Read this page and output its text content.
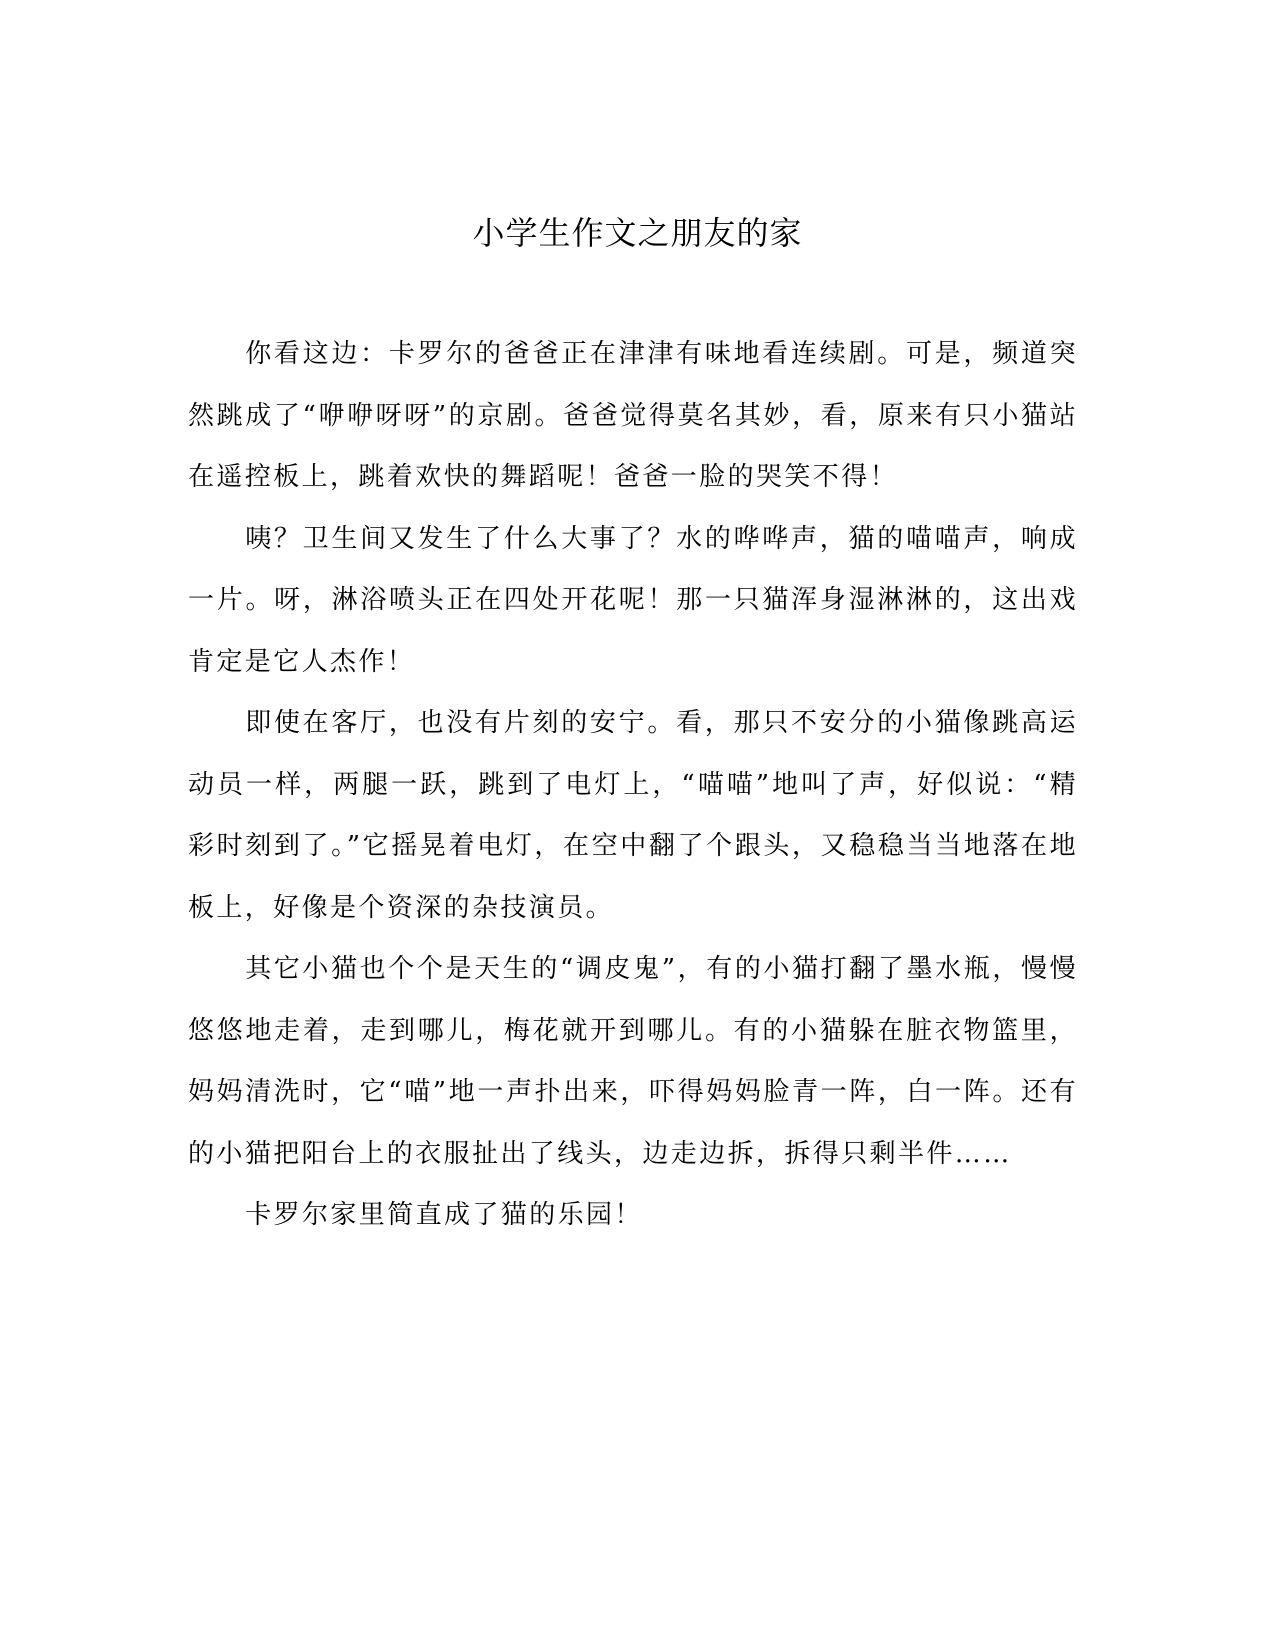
小学生作文之朋友的家

你看这边：卡罗尔的爸爸正在津津有味地看连续剧。可是，频道突然跳成了“咿咿呀呀”的京剧。爸爸觉得莫名其妙，看，原来有只小猫站在遥控板上，跳着欢快的舞蹈呢！爸爸一脸的哭笑不得！

咦？卫生间又发生了什么大事了？水的哗哗声，猫的喵喵声，响成一片。呀，淋浴喷头正在四处开花呢！那一只猫浑身湿淋淋的，这出戏肯定是它人杰作！

即使在客厅，也没有片刻的安宁。看，那只不安分的小猫像跳高运动员一样，两腿一跃，跳到了电灯上，“喵喵”地叫了声，好似说：“精彩时刻到了。”它摇晃着电灯，在空中翻了个跟头，又稳稳当当地落在地板上，好像是个资深的杂技演员。

其它小猫也个个是天生的“调皮鬼”，有的小猫打翻了墨水瓶，慢慢悠悠地走着，走到哪儿，梅花就开到哪儿。有的小猫躲在脏衣物篮里，妈妈清洗时，它“喵”地一声扑出来，吓得妈妈脸青一阵，白一阵。还有的小猫把阳台上的衣服扯出了线头，边走边拆，拆得只剩半件……

卡罗尔家里简直成了猫的乐园！
